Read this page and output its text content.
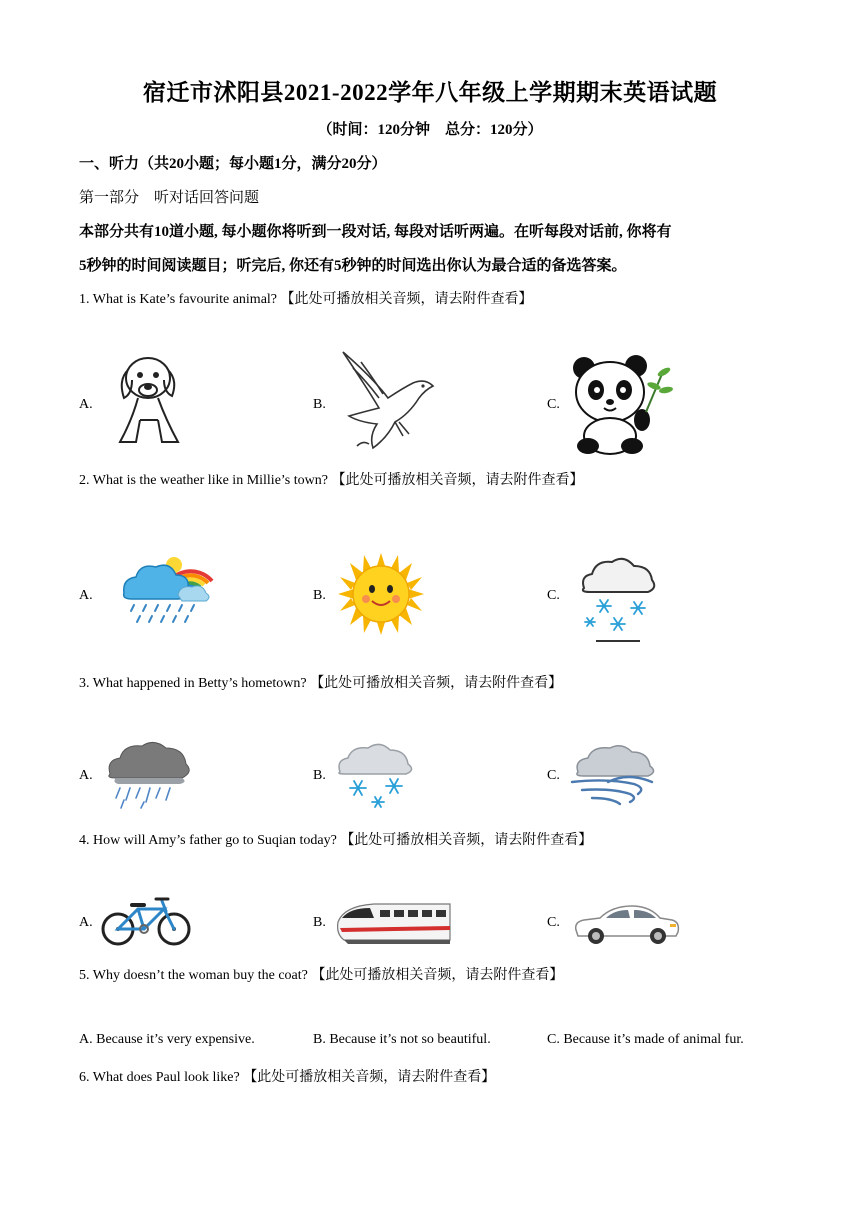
宿迁市沭阳县2021-2022学年八年级上学期期末英语试题
（时间：120分钟　总分：120分）
一、听力（共20小题；每小题1分，满分20分）
第一部分　听对话回答问题
本部分共有10道小题, 每小题你将听到一段对话, 每段对话听两遍。在听每段对话前, 你将有
5秒钟的时间阅读题目；听完后, 你还有5秒钟的时间选出你认为最合适的备选答案。
1. What is Kate’s favourite animal? 【此处可播放相关音频，请去附件查看】
A.	B.	C.
2. What is the weather like in Millie’s town? 【此处可播放相关音频，请去附件查看】
A.	B.	C.
3. What happened in Betty’s hometown? 【此处可播放相关音频，请去附件查看】
A.	B.	C.
4. How will Amy’s father go to Suqian today? 【此处可播放相关音频，请去附件查看】
A.	B.	C.
5. Why doesn’t the woman buy the coat? 【此处可播放相关音频，请去附件查看】
A. Because it’s very expensive.	B. Because it’s not so beautiful.	C. Because it’s made of animal fur.
6. What does Paul look like? 【此处可播放相关音频，请去附件查看】
